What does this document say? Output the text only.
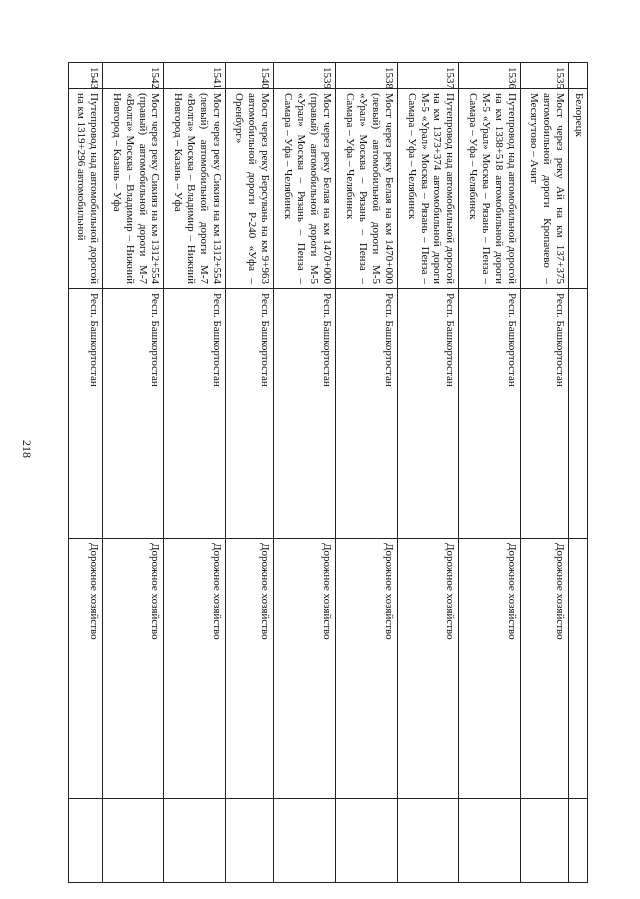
218
	Белорецк			
1535	Мост через реку Ай на км 137+375 автомобильной дороги Кропачево – Месягутово – Ачит	Респ. Башкортостан	Дорожное хозяйство	
1536	Путепровод над автомобильной дорогой на км 1338+518 автомобильной дороги М-5 «Урал» Москва – Рязань – Пенза – Самара – Уфа – Челябинск	Респ. Башкортостан	Дорожное хозяйство	
1537	Путепровод над автомобильной дорогой на км 1373+374 автомобильной дороги М-5 «Урал» Москва – Рязань – Пенза – Самара – Уфа – Челябинск	Респ. Башкортостан	Дорожное хозяйство	
1538	Мост через реку Белая на км 1470+000 (левый) автомобильной дороги М-5 «Урал» Москва – Рязань – Пенза – Самара – Уфа – Челябинск	Респ. Башкортостан	Дорожное хозяйство	
1539	Мост через реку Белая на км 1470+000 (правый) автомобильной дороги М-5 «Урал» Москва – Рязань – Пенза – Самара – Уфа – Челябинск	Респ. Башкортостан	Дорожное хозяйство	
1540	Мост через реку Берсувань на км 9+963 автомобильной дороги Р-240 «Уфа – Оренбург»	Респ. Башкортостан	Дорожное хозяйство	
1541	Мост через реку Сикияз на км 1312+554 (левый) автомобильной дороги М-7 «Волга» Москва – Владимир – Нижний Новгород – Казань – Уфа	Респ. Башкортостан	Дорожное хозяйство	
1542	Мост через реку Сикияз на км 1312+554 (правый) автомобильной дороги М-7 «Волга» Москва – Владимир – Нижний Новгород – Казань – Уфа	Респ. Башкортостан	Дорожное хозяйство	
1543	Путепровод над автомобильной дорогой на км 1319+296 автомобильной	Респ. Башкортостан	Дорожное хозяйство	
